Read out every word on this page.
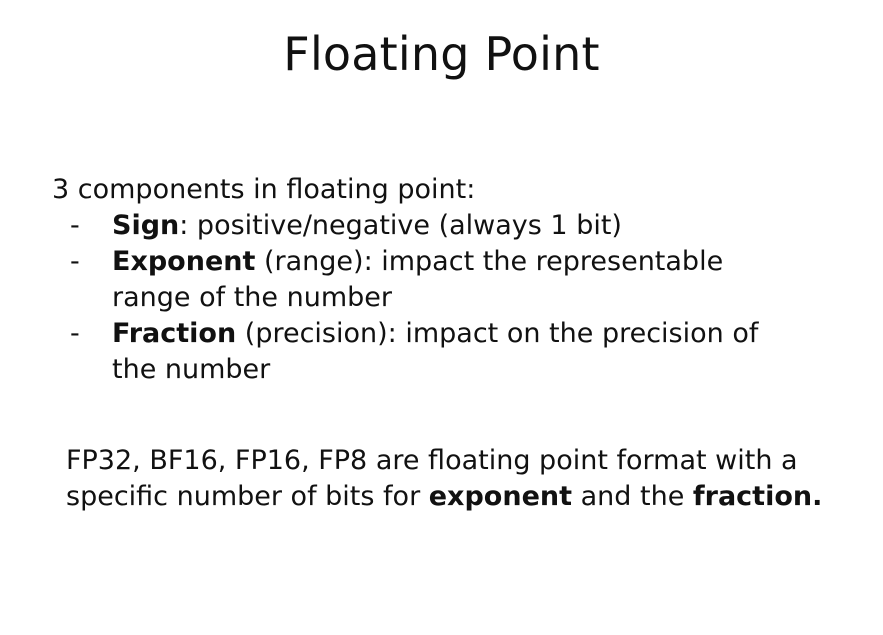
Floating Point
3 components in floating point:
- Sign: positive/negative (always 1 bit)
- Exponent (range): impact the representable range of the number
- Fraction (precision): impact on the precision of the number
FP32, BF16, FP16, FP8 are floating point format with a specific number of bits for exponent and the fraction.
